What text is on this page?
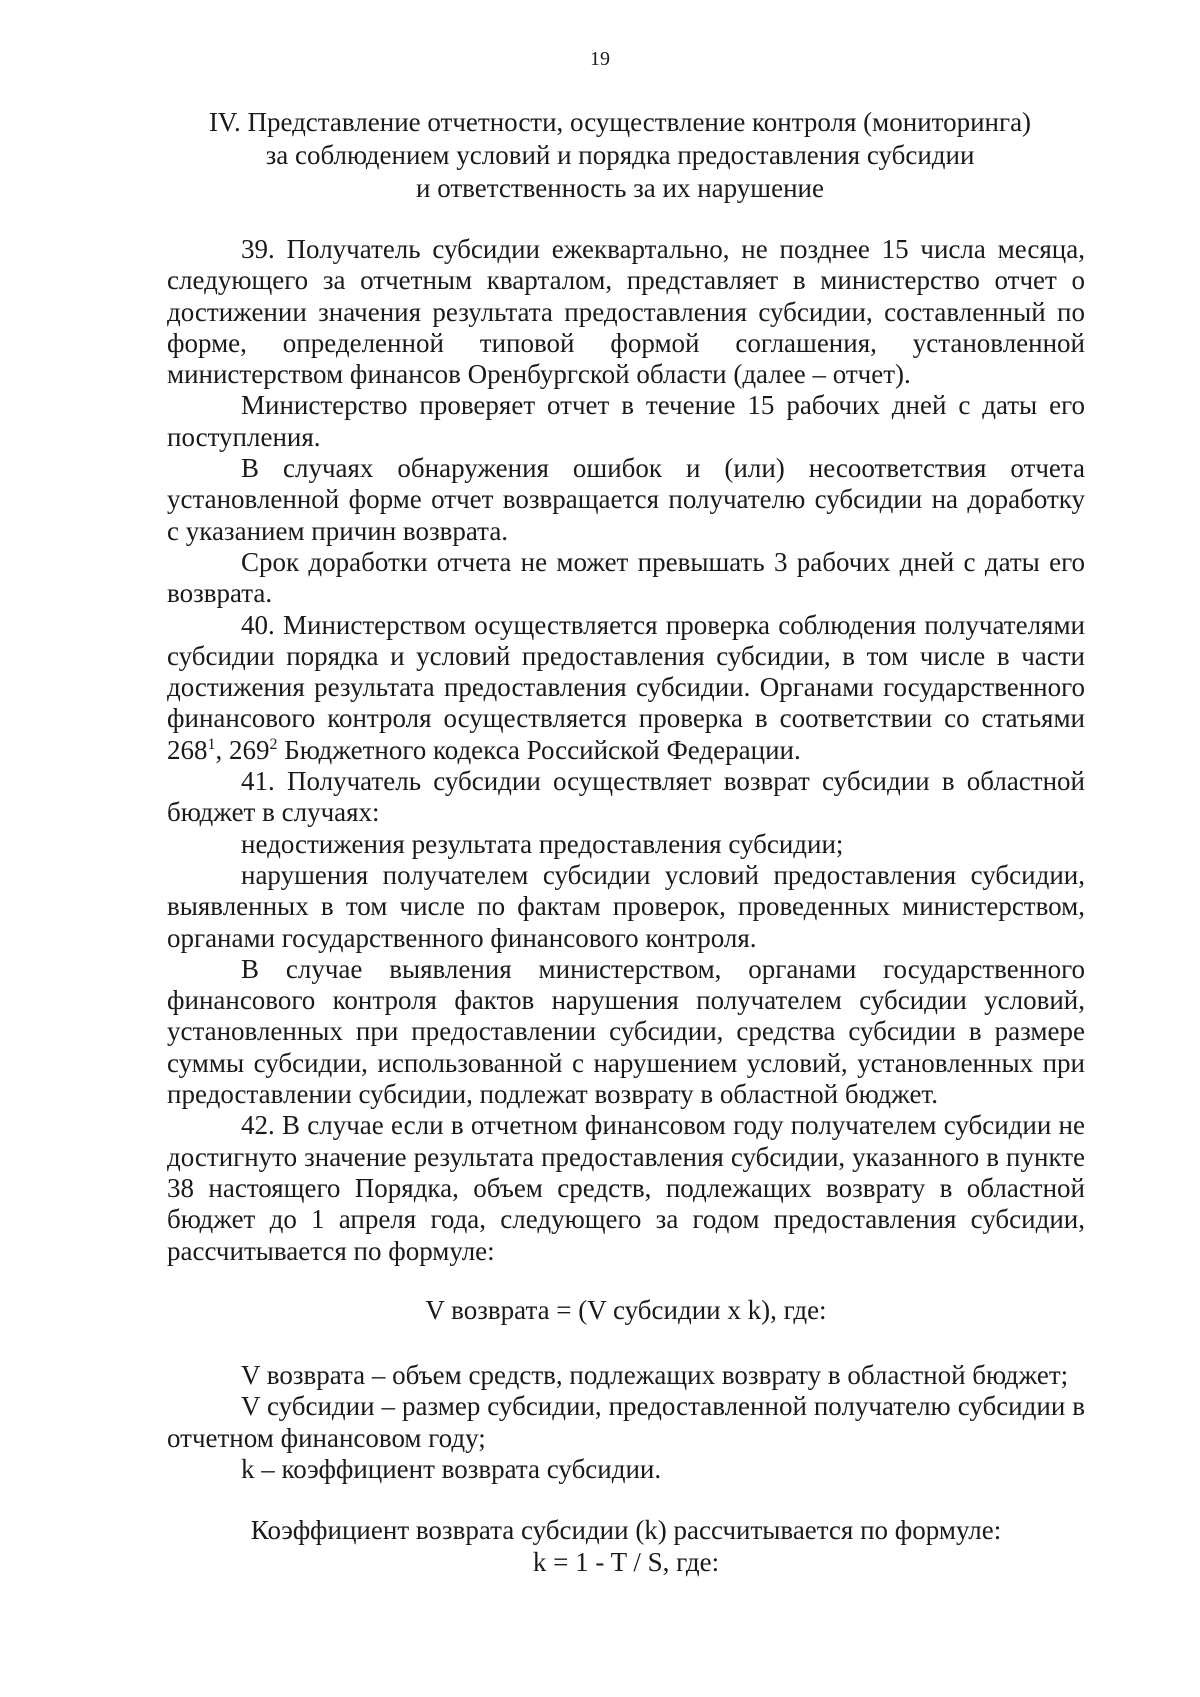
19
IV. Представление отчетности, осуществление контроля (мониторинга)
за соблюдением условий и порядка предоставления субсидии
и ответственность за их нарушение

39. Получатель субсидии ежеквартально, не позднее 15 числа месяца, следующего за отчетным кварталом, представляет в министерство отчет о достижении значения результата предоставления субсидии, составленный по форме, определенной типовой формой соглашения, установленной министерством финансов Оренбургской области (далее – отчет).

Министерство проверяет отчет в течение 15 рабочих дней с даты его поступления.

В случаях обнаружения ошибок и (или) несоответствия отчета установленной форме отчет возвращается получателю субсидии на доработку с указанием причин возврата.

Срок доработки отчета не может превышать 3 рабочих дней с даты его возврата.

40. Министерством осуществляется проверка соблюдения получателями субсидии порядка и условий предоставления субсидии, в том числе в части достижения результата предоставления субсидии. Органами государственного финансового контроля осуществляется проверка в соответствии со статьями $268^1$, $269^2$ Бюджетного кодекса Российской Федерации.

41. Получатель субсидии осуществляет возврат субсидии в областной бюджет в случаях:

недостижения результата предоставления субсидии;

нарушения получателем субсидии условий предоставления субсидии, выявленных в том числе по фактам проверок, проведенных министерством, органами государственного финансового контроля.

В случае выявления министерством, органами государственного финансового контроля фактов нарушения получателем субсидии условий, установленных при предоставлении субсидии, средства субсидии в размере суммы субсидии, использованной с нарушением условий, установленных при предоставлении субсидии, подлежат возврату в областной бюджет.

42. В случае если в отчетном финансовом году получателем субсидии не достигнуто значение результата предоставления субсидии, указанного в пункте 38 настоящего Порядка, объем средств, подлежащих возврату в областной бюджет до 1 апреля года, следующего за годом предоставления субсидии, рассчитывается по формуле:

V возврата = (V субсидии x k), где:

V возврата – объем средств, подлежащих возврату в областной бюджет;

V субсидии – размер субсидии, предоставленной получателю субсидии в отчетном финансовом году;

k – коэффициент возврата субсидии.

Коэффициент возврата субсидии (k) рассчитывается по формуле:

k = 1 - T / S, где:
